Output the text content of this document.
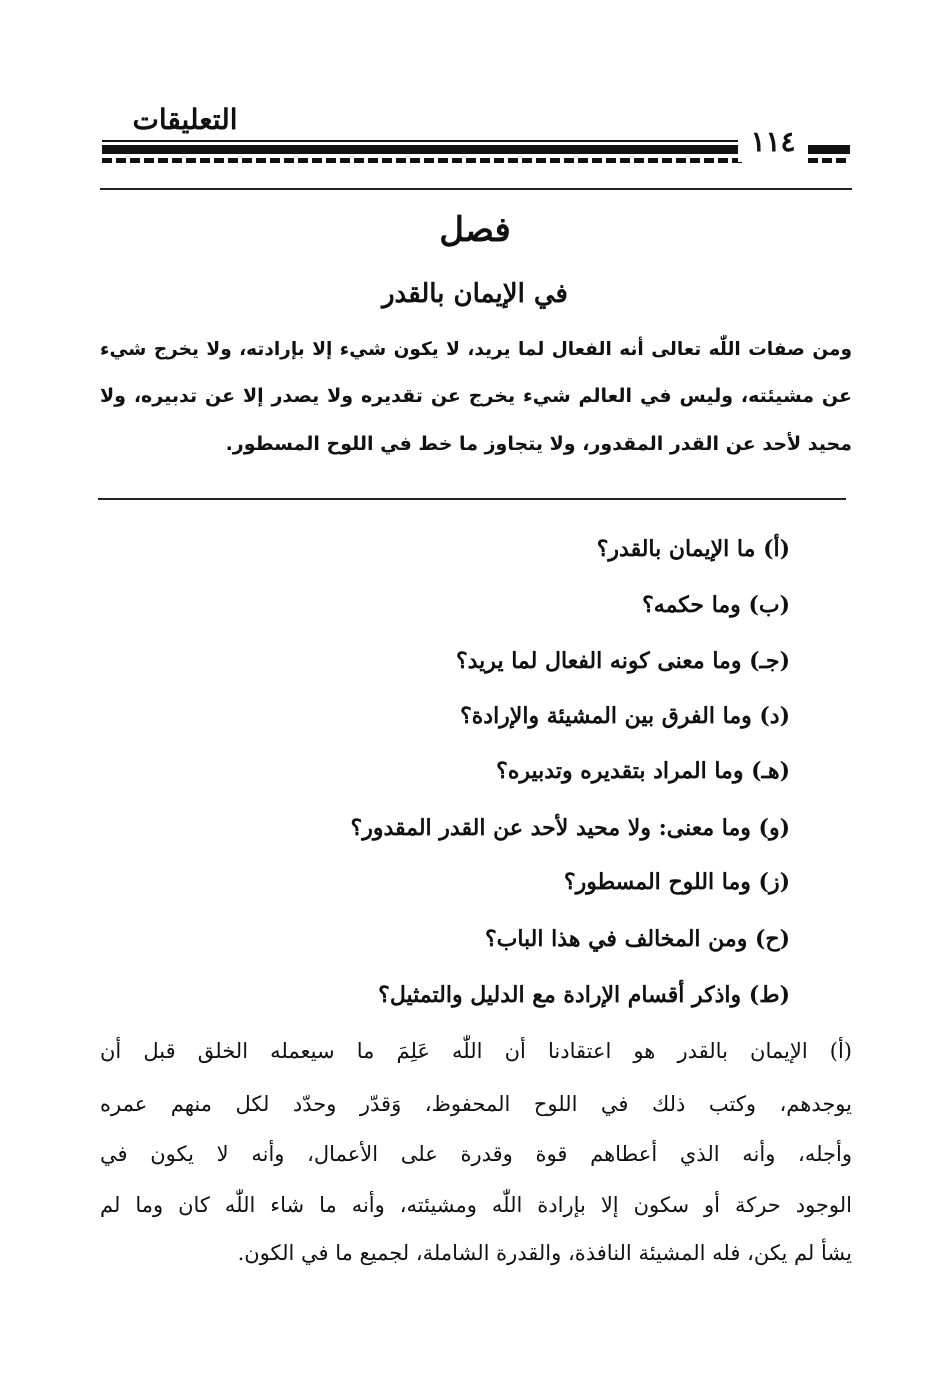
التعليقات
١١٤
فصل
في الإيمان بالقدر
ومن صفات اللّٰه تعالى أنه الفعال لما يريد، لا يكون شيء إلا بإرادته، ولا يخرج شيء
عن مشيئته، وليس في العالم شيء يخرج عن تقديره ولا يصدر إلا عن تدبيره، ولا
محيد لأحد عن القدر المقدور، ولا يتجاوز ما خط في اللوح المسطور.
(أ) ما الإيمان بالقدر؟
(ب) وما حكمه؟
(جـ) وما معنى كونه الفعال لما يريد؟
(د) وما الفرق بين المشيئة والإرادة؟
(هـ) وما المراد بتقديره وتدبيره؟
(و) وما معنى: ولا محيد لأحد عن القدر المقدور؟
(ز) وما اللوح المسطور؟
(ح) ومن المخالف في هذا الباب؟
(ط) واذكر أقسام الإرادة مع الدليل والتمثيل؟
(أ) الإيمان بالقدر هو اعتقادنا أن اللّٰه عَلِمَ ما سيعمله الخلق قبل أن
يوجدهم، وكتب ذلك في اللوح المحفوظ، وَقدّر وحدّد لكل منهم عمره
وأجله، وأنه الذي أعطاهم قوة وقدرة على الأعمال، وأنه لا يكون في
الوجود حركة أو سكون إلا بإرادة اللّٰه ومشيئته، وأنه ما شاء اللّٰه كان وما لم
يشأ لم يكن، فله المشيئة النافذة، والقدرة الشاملة، لجميع ما في الكون.
